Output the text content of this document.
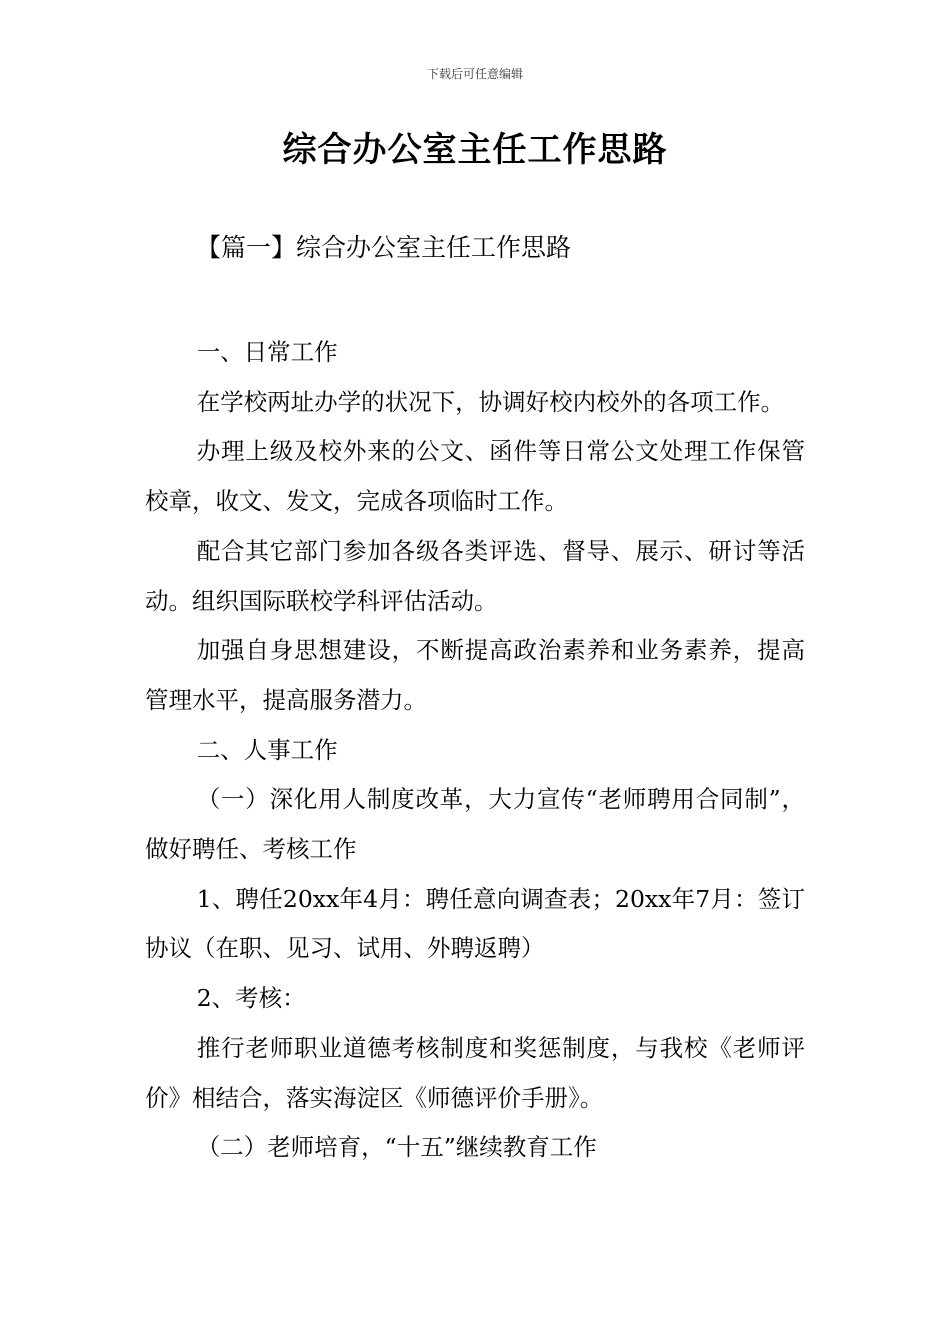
下载后可任意编辑
综合办公室主任工作思路
【篇一】综合办公室主任工作思路

一、日常工作

在学校两址办学的状况下，协调好校内校外的各项工作。

办理上级及校外来的公文、函件等日常公文处理工作保管校章，收文、发文，完成各项临时工作。

配合其它部门参加各级各类评选、督导、展示、研讨等活动。组织国际联校学科评估活动。

加强自身思想建设，不断提高政治素养和业务素养，提高管理水平，提高服务潜力。

二、人事工作

（一）深化用人制度改革，大力宣传“老师聘用合同制”，做好聘任、考核工作

1、聘任20xx年4月：聘任意向调查表；20xx年7月：签订协议（在职、见习、试用、外聘返聘）

2、考核：

推行老师职业道德考核制度和奖惩制度，与我校《老师评价》相结合，落实海淀区《师德评价手册》。

（二）老师培育，“十五”继续教育工作
